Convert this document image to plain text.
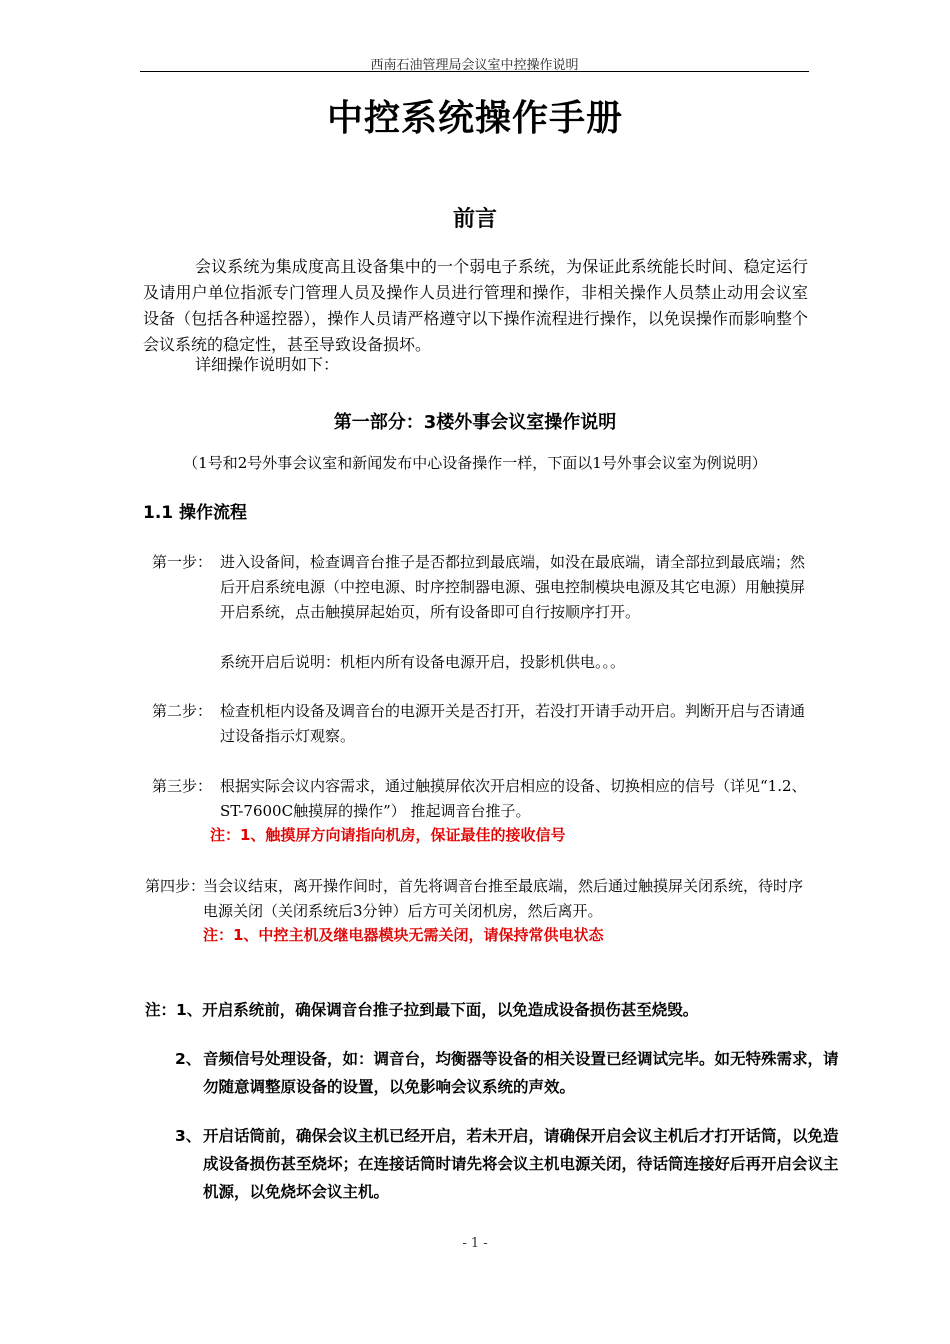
西南石油管理局会议室中控操作说明
中控系统操作手册
前言
会议系统为集成度高且设备集中的一个弱电子系统，为保证此系统能长时间、稳定运行及请用户单位指派专门管理人员及操作人员进行管理和操作，非相关操作人员禁止动用会议室设备（包括各种遥控器），操作人员请严格遵守以下操作流程进行操作，以免误操作而影响整个会议系统的稳定性，甚至导致设备损坏。
详细操作说明如下：
第一部分：3楼外事会议室操作说明
（1号和2号外事会议室和新闻发布中心设备操作一样，下面以1号外事会议室为例说明）
1.1 操作流程
第一步： 进入设备间，检查调音台推子是否都拉到最底端，如没在最底端，请全部拉到最底端；然后开启系统电源（中控电源、时序控制器电源、强电控制模块电源及其它电源）用触摸屏开启系统，点击触摸屏起始页，所有设备即可自行按顺序打开。
系统开启后说明：机柜内所有设备电源开启，投影机供电。。。
第二步： 检查机柜内设备及调音台的电源开关是否打开，若没打开请手动开启。判断开启与否请通过设备指示灯观察。
第三步： 根据实际会议内容需求，通过触摸屏依次开启相应的设备、切换相应的信号（详见“1.2、ST-7600C触摸屏的操作”） 推起调音台推子。
注：1、触摸屏方向请指向机房，保证最佳的接收信号
第四步：
当会议结束，离开操作间时，首先将调音台推至最底端，然后通过触摸屏关闭系统，待时序电源关闭（关闭系统后3分钟）后方可关闭机房，然后离开。
注：1、中控主机及继电器模块无需关闭，请保持常供电状态
注：1、开启系统前，确保调音台推子拉到最下面，以免造成设备损伤甚至烧毁。
2、 音频信号处理设备，如：调音台，均衡器等设备的相关设置已经调试完毕。如无特殊需求，请勿随意调整原设备的设置，以免影响会议系统的声效。
3、 开启话筒前，确保会议主机已经开启，若未开启，请确保开启会议主机后才打开话筒，以免造成设备损伤甚至烧坏；在连接话筒时请先将会议主机电源关闭，待话筒连接好后再开启会议主机源，以免烧坏会议主机。
- 1 -
